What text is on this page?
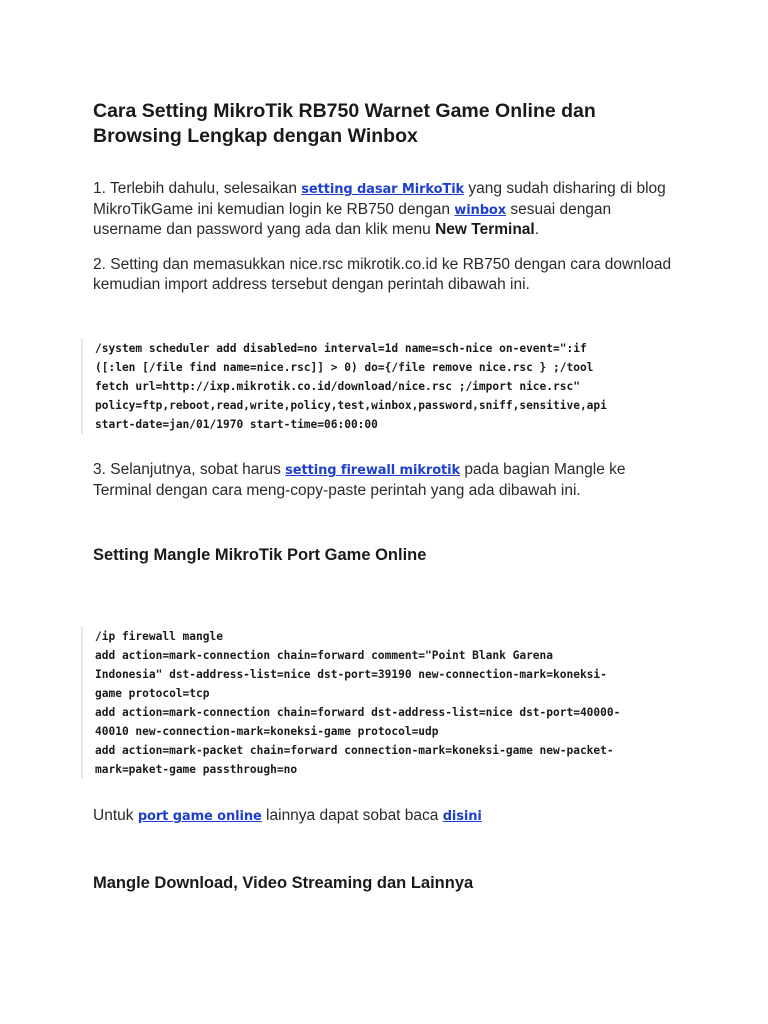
Cara Setting MikroTik RB750 Warnet Game Online dan Browsing Lengkap dengan Winbox

1. Terlebih dahulu, selesaikan setting dasar MirkoTik yang sudah disharing di blog MikroTikGame ini kemudian login ke RB750 dengan winbox sesuai dengan username dan password yang ada dan klik menu New Terminal.

2. Setting dan memasukkan nice.rsc mikrotik.co.id ke RB750 dengan cara download kemudian import address tersebut dengan perintah dibawah ini.

/system scheduler add disabled=no interval=1d name=sch-nice on-event=":if
([:len [/file find name=nice.rsc]] > 0) do={/file remove nice.rsc } ;/tool
fetch url=http://ixp.mikrotik.co.id/download/nice.rsc ;/import nice.rsc"
policy=ftp,reboot,read,write,policy,test,winbox,password,sniff,sensitive,api
start-date=jan/01/1970 start-time=06:00:00

3. Selanjutnya, sobat harus setting firewall mikrotik pada bagian Mangle ke Terminal dengan cara meng-copy-paste perintah yang ada dibawah ini.

Setting Mangle MikroTik Port Game Online
/ip firewall mangle
add action=mark-connection chain=forward comment="Point Blank Garena
Indonesia" dst-address-list=nice dst-port=39190 new-connection-mark=koneksi-
game protocol=tcp
add action=mark-connection chain=forward dst-address-list=nice dst-port=40000-
40010 new-connection-mark=koneksi-game protocol=udp
add action=mark-packet chain=forward connection-mark=koneksi-game new-packet-
mark=paket-game passthrough=no

Untuk port game online lainnya dapat sobat baca disini

Mangle Download, Video Streaming dan Lainnya
